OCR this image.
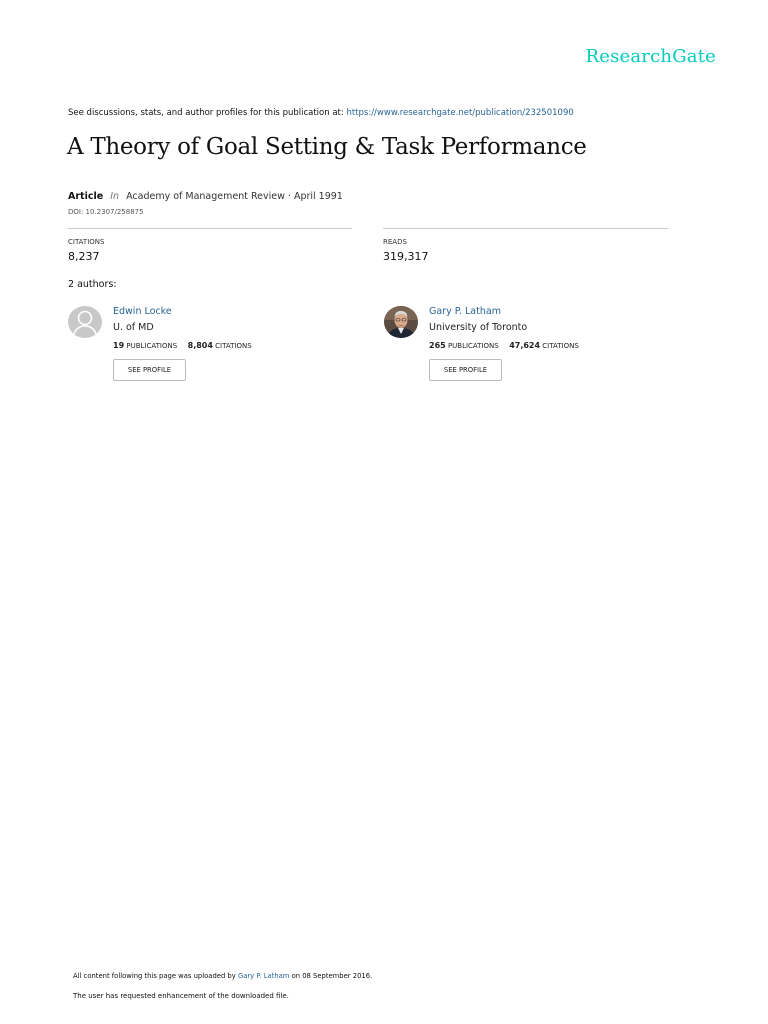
ResearchGate
See discussions, stats, and author profiles for this publication at: https://www.researchgate.net/publication/232501090
A Theory of Goal Setting & Task Performance
Article In Academy of Management Review · April 1991
DOI: 10.2307/258875
CITATIONS
8,237
READS
319,317
2 authors:
Edwin Locke
U. of MD
19 PUBLICATIONS 8,804 CITATIONS
SEE PROFILE
Gary P. Latham
University of Toronto
265 PUBLICATIONS 47,624 CITATIONS
SEE PROFILE
All content following this page was uploaded by Gary P. Latham on 08 September 2016.
The user has requested enhancement of the downloaded file.
